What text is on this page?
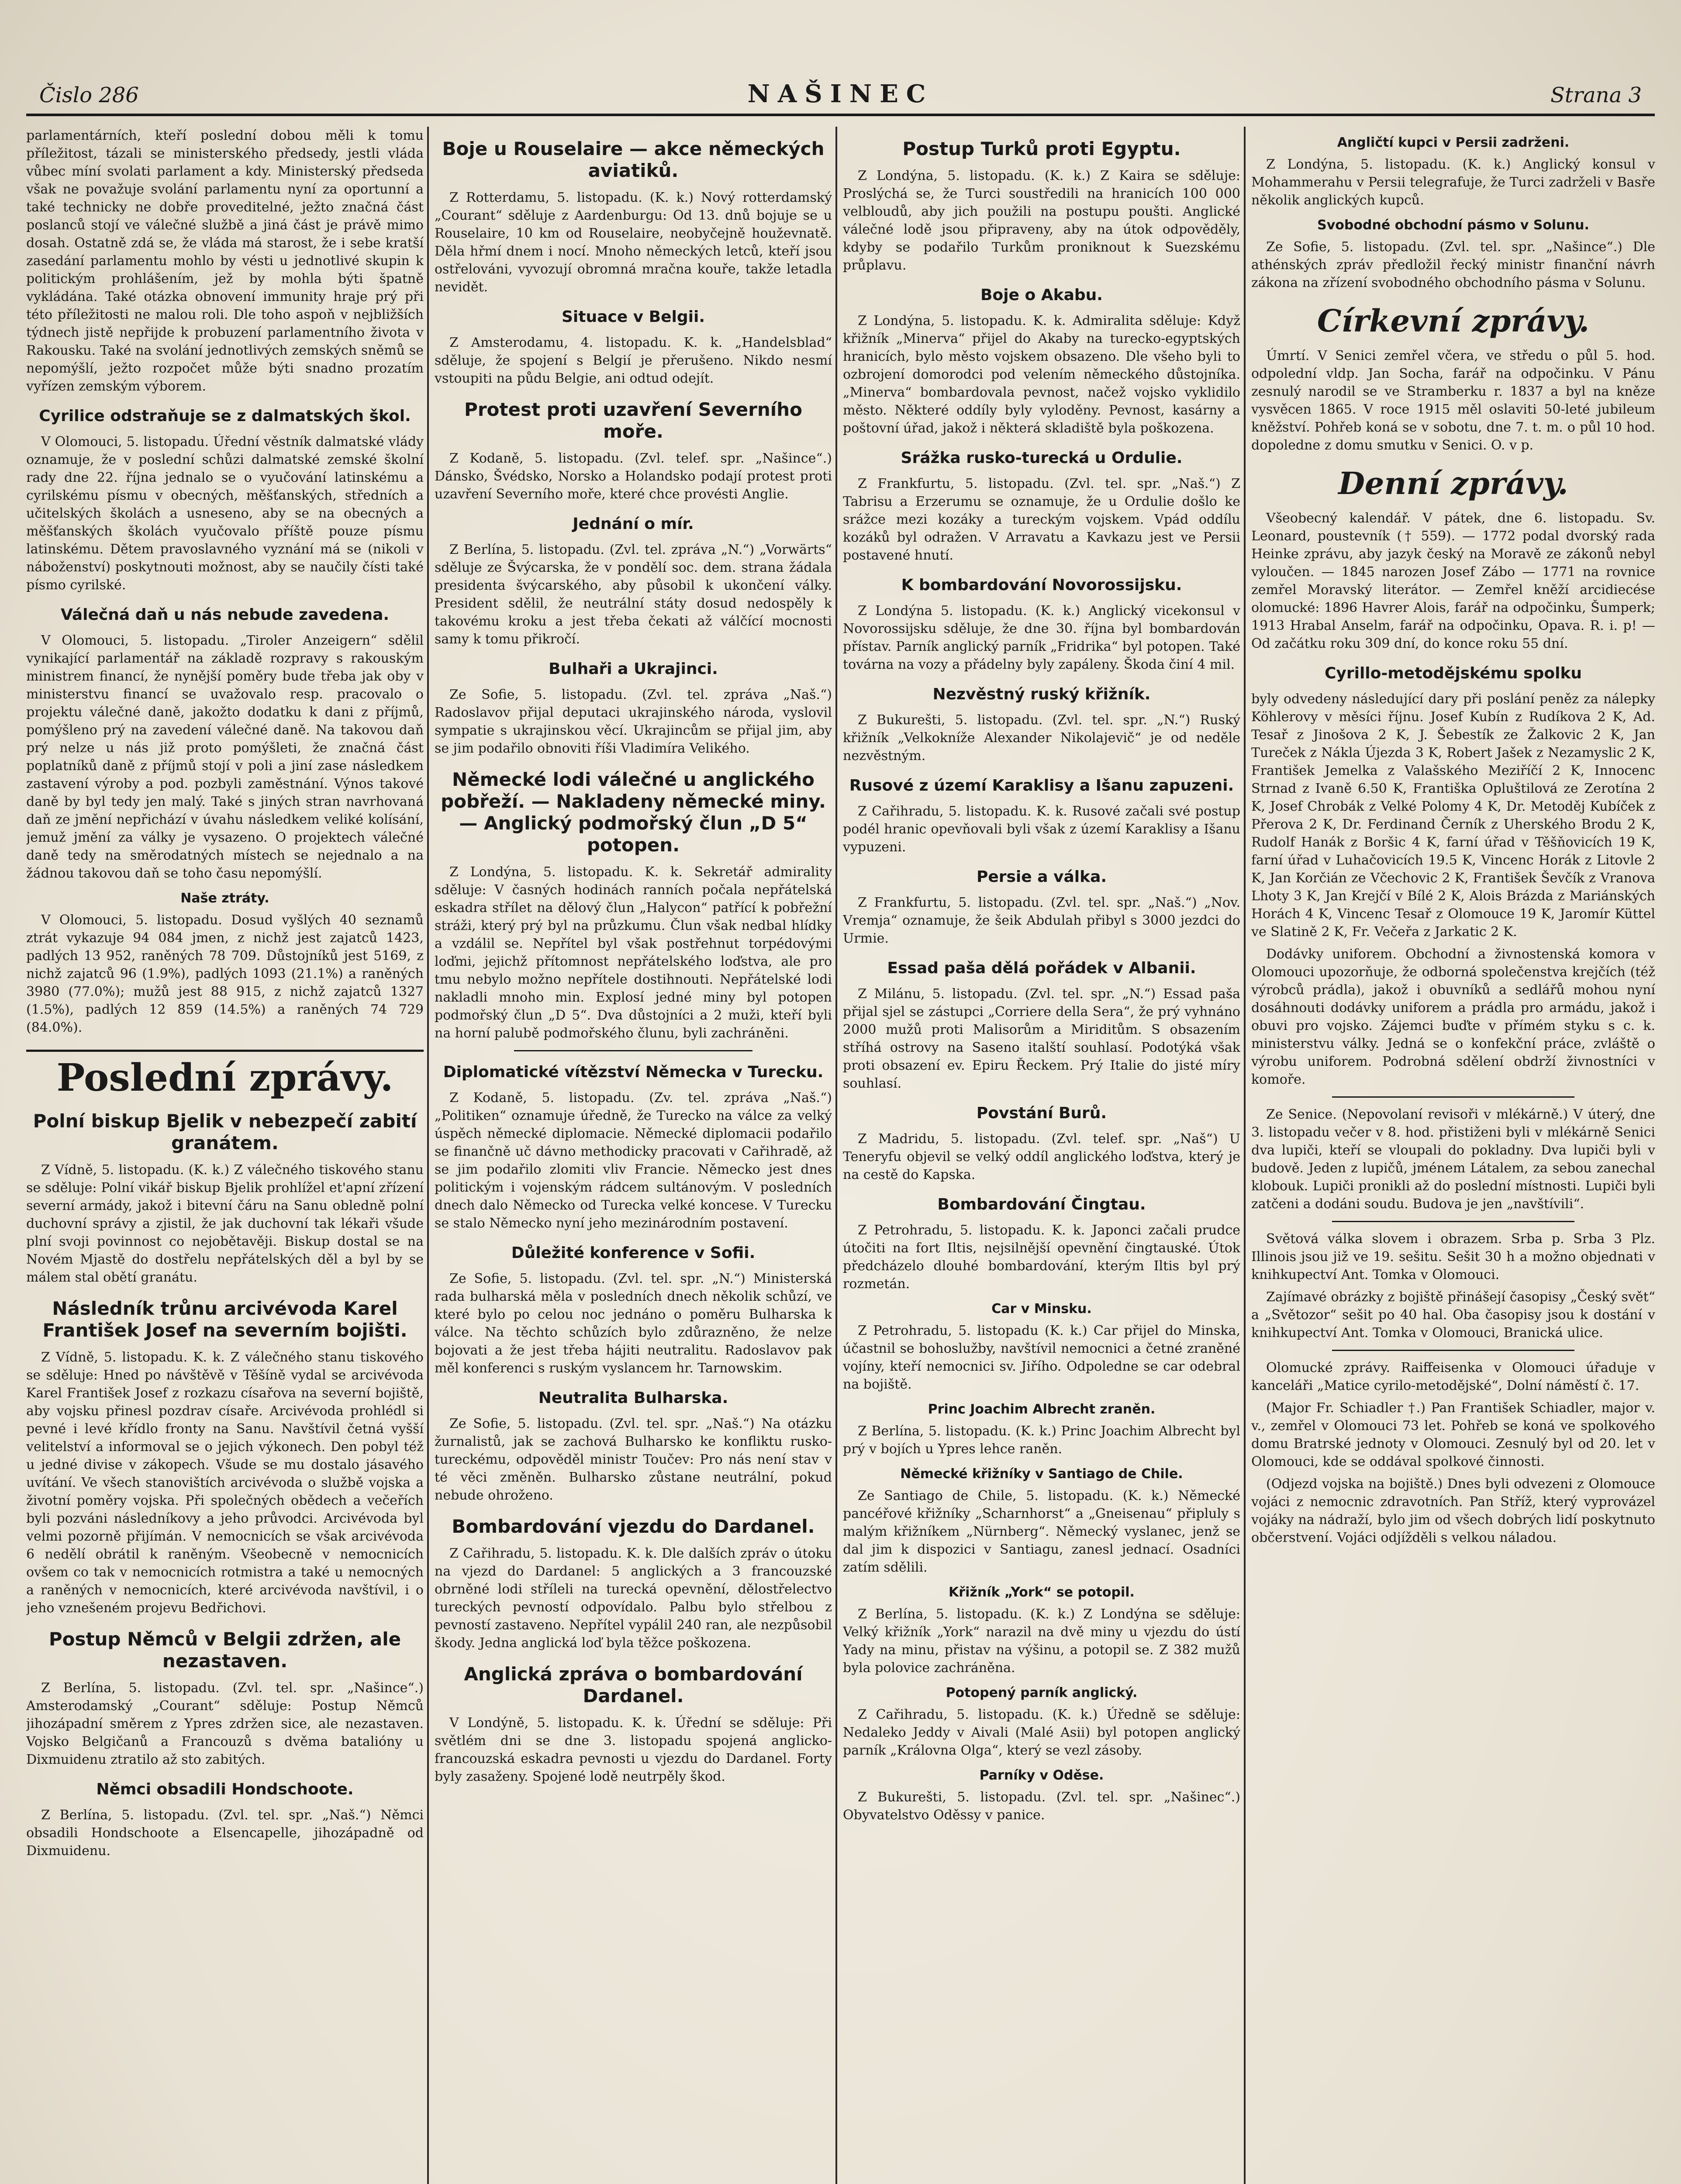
Čislo 286	NAŠINEC	Strana 3

parlamentárních, kteří poslední dobou měli k tomu příležitost, tázali se ministerského předsedy, jestli vláda vůbec míní svolati parlament a kdy. Ministerský předseda však ne považuje svolání parlamentu nyní za oportunní a také technicky ne dobře proveditelné, ježto značná část poslanců stojí ve válečné službě a jiná část je právě mimo dosah. Ostatně zdá se, že vláda má starost, že i sebe kratší zasedání parlamentu mohlo by vésti u jednotlivé skupin k politickým prohlášením, jež by mohla býti špatně vykládána. Také otázka obnovení immunity hraje prý při této příležitosti ne malou roli. Dle toho aspoň v nejbližších týdnech jistě nepřijde k probuzení parlamentního života v Rakousku. Také na svolání jednotlivých zemských sněmů se nepomýšlí, ježto rozpočet může býti snadno prozatím vyřízen zemským výborem.

Cyrilice odstraňuje se z dalmatských škol.

V Olomouci, 5. listopadu. Úřední věstník dalmatské vlády oznamuje, že v poslední schůzi dalmatské zemské školní rady dne 22. října jednalo se o vyučování latinskému a cyrilskému písmu v obecných, měšťanských, středních a učitelských školách a usneseno, aby se na obecných a měšťanských školách vyučovalo příště pouze písmu latinskému. Dětem pravoslavného vyznání má se (nikoli v náboženství) poskytnouti možnost, aby se naučily čísti také písmo cyrilské.

Válečná daň u nás nebude zavedena.

V Olomouci, 5. listopadu. „Tiroler Anzeigern“ sdělil vynikající parlamentář na základě rozpravy s rakouským ministrem financí, že nynější poměry bude třeba jak oby v ministerstvu financí se uvažovalo resp. pracovalo o projektu válečné daně, jakožto dodatku k dani z příjmů, pomýšleno prý na zavedení válečné daně. Na takovou daň prý nelze u nás již proto pomýšleti, že značná část poplatníků daně z příjmů stojí v poli a jiní zase následkem zastavení výroby a pod. pozbyli zaměstnání. Výnos takové daně by byl tedy jen malý. Také s jiných stran navrhovaná daň ze jmění nepřichází v úvahu následkem veliké kolísání, jemuž jmění za války je vysazeno. O projektech válečné daně tedy na směrodatných místech se nejednalo a na žádnou takovou daň se toho času nepomýšlí.

Naše ztráty.

V Olomouci, 5. listopadu. Dosud vyšlých 40 seznamů ztrát vykazuje 94 084 jmen, z nichž jest zajatců 1423, padlých 13 952, raněných 78 709. Důstojníků jest 5169, z nichž zajatců 96 (1.9%), padlých 1093 (21.1%) a raněných 3980 (77.0%); mužů jest 88 915, z nichž zajatců 1327 (1.5%), padlých 12 859 (14.5%) a raněných 74 729 (84.0%).

Poslední zprávy.
Polní biskup Bjelik v nebezpečí zabití granátem.

Z Vídně, 5. listopadu. (K. k.) Z válečného tiskového stanu se sděluje: Polní vikář biskup Bjelik prohlížel et'apní zřízení severní armády, jakož i bitevní čáru na Sanu obledně polní duchovní správy a zjistil, že jak duchovní tak lékaři všude plní svoji povinnost co nejobětavěji. Biskup dostal se na Novém Mjastě do dostřelu nepřátelských děl a byl by se málem stal obětí granátu.

Následník trůnu arcivévoda Karel František Josef na severním bojišti.

Z Vídně, 5. listopadu. K. k. Z válečného stanu tiskového se sděluje: Hned po návštěvě v Těšíně vydal se arcivévoda Karel František Josef z rozkazu císařova na severní bojiště, aby vojsku přinesl pozdrav císaře. Arcivévoda prohlédl si pevné i levé křídlo fronty na Sanu. Navštívil četná vyšší velitelství a informoval se o jejich výkonech. Den pobyl též u jedné divise v zákopech. Všude se mu dostalo jásavého uvítání. Ve všech stanovištích arcivévoda o službě vojska a životní poměry vojska. Při společných obědech a večeřích byli pozváni následníkovy a jeho průvodci. Arcivévoda byl velmi pozorně přijímán. V nemocnicích se však arcivévoda 6 nedělí obrátil k raněným. Všeobecně v nemocnicích ovšem co tak v nemocnicích rotmistra a také u nemocných a raněných v nemocnicích, které arcivévoda navštívil, i o jeho vznešeném projevu Bedřichovi.

Postup Němců v Belgii zdržen, ale nezastaven.

Z Berlína, 5. listopadu. (Zvl. tel. spr. „Našince“.) Amsterodamský „Courant“ sděluje: Postup Němců jihozápadní směrem z Ypres zdržen sice, ale nezastaven. Vojsko Belgičanů a Francouzů s dvěma batalióny u Dixmuidenu ztratilo až sto zabitých.

Němci obsadili Hondschoote.

Z Berlína, 5. listopadu. (Zvl. tel. spr. „Naš.“) Němci obsadili Hondschoote a Elsencapelle, jihozápadně od Dixmuidenu.

Boje u Rouselaire — akce německých aviatiků.

Z Rotterdamu, 5. listopadu. (K. k.) Nový rotterdamský „Courant“ sděluje z Aardenburgu: Od 13. dnů bojuje se u Rouselaire, 10 km od Rouselaire, neobyčejně houževnatě. Děla hřmí dnem i nocí. Mnoho německých letců, kteří jsou ostřelováni, vyvozují obromná mračna kouře, takže letadla nevidět.

Situace v Belgii.

Z Amsterodamu, 4. listopadu. K. k. „Handelsblad“ sděluje, že spojení s Belgií je přerušeno. Nikdo nesmí vstoupiti na půdu Belgie, ani odtud odejít.

Protest proti uzavření Severního moře.

Z Kodaně, 5. listopadu. (Zvl. telef. spr. „Našince“.) Dánsko, Švédsko, Norsko a Holandsko podají protest proti uzavření Severního moře, které chce provésti Anglie.

Jednání o mír.

Z Berlína, 5. listopadu. (Zvl. tel. zpráva „N.“) „Vorwärts“ sděluje ze Švýcarska, že v pondělí soc. dem. strana žádala presidenta švýcarského, aby působil k ukončení války. President sdělil, že neutrální státy dosud nedospěly k takovému kroku a jest třeba čekati až válčící mocnosti samy k tomu přikročí.

Bulhaři a Ukrajinci.

Ze Sofie, 5. listopadu. (Zvl. tel. zpráva „Naš.“) Radoslavov přijal deputaci ukrajinského národa, vyslovil sympatie s ukrajinskou věcí. Ukrajincům se přijal jim, aby se jim podařilo obnoviti říši Vladimíra Velikého.

Německé lodi válečné u anglického pobřeží. — Nakladeny německé miny. — Anglický podmořský člun „D 5“ potopen.

Z Londýna, 5. listopadu. K. k. Sekretář admirality sděluje: V časných hodinách ranních počala nepřátelská eskadra střílet na dělový člun „Halycon“ patřící k pobřežní stráži, který prý byl na průzkumu. Člun však nedbal hlídky a vzdálil se. Nepřítel byl však postřehnut torpédovými loďmi, jejichž přítomnost nepřátelského loďstva, ale pro tmu nebylo možno nepřítele dostihnouti. Nepřátelské lodi nakladli mnoho min. Explosí jedné miny byl potopen podmořský člun „D 5“. Dva důstojníci a 2 muži, kteří byli na horní palubě podmořského člunu, byli zachráněni.

Diplomatické vítězství Německa v Turecku.

Z Kodaně, 5. listopadu. (Zv. tel. zpráva „Naš.“) „Politiken“ oznamuje úředně, že Turecko na válce za velký úspěch německé diplomacie. Německé diplomacii podařilo se finančně uč dávno methodicky pracovati v Cařihradě, až se jim podařilo zlomiti vliv Francie. Německo jest dnes politickým i vojenským rádcem sultánovým. V posledních dnech dalo Německo od Turecka velké koncese. V Turecku se stalo Německo nyní jeho mezinárodním postavení.

Důležité konference v Sofii.

Ze Sofie, 5. listopadu. (Zvl. tel. spr. „N.“) Ministerská rada bulharská měla v posledních dnech několik schůzí, ve které bylo po celou noc jednáno o poměru Bulharska k válce. Na těchto schůzích bylo zdůrazněno, že nelze bojovati a že jest třeba hájiti neutralitu. Radoslavov pak měl konferenci s ruským vyslancem hr. Tarnowskim.

Neutralita Bulharska.

Ze Sofie, 5. listopadu. (Zvl. tel. spr. „Naš.“) Na otázku žurnalistů, jak se zachová Bulharsko ke konfliktu rusko-tureckému, odpověděl ministr Toučev: Pro nás není stav v té věci změněn. Bulharsko zůstane neutrální, pokud nebude ohroženo.

Bombardování vjezdu do Dardanel.

Z Cařihradu, 5. listopadu. K. k. Dle dalších zpráv o útoku na vjezd do Dardanel: 5 anglických a 3 francouzské obrněné lodi stříleli na turecká opevnění, dělostřelectvo tureckých pevností odpovídalo. Palbu bylo střelbou z pevností zastaveno. Nepřítel vypálil 240 ran, ale nezpůsobil škody. Jedna anglická loď byla těžce poškozena.

Anglická zpráva o bombardování Dardanel.

V Londýně, 5. listopadu. K. k. Úřední se sděluje: Při světlém dni se dne 3. listopadu spojená anglicko-francouzská eskadra pevnosti u vjezdu do Dardanel. Forty byly zasaženy. Spojené lodě neutrpěly škod.

Postup Turků proti Egyptu.

Z Londýna, 5. listopadu. (K. k.) Z Kaira se sděluje: Proslýchá se, že Turci soustředili na hranicích 100 000 velbloudů, aby jich použili na postupu poušti. Anglické válečné lodě jsou připraveny, aby na útok odpověděly, kdyby se podařilo Turkům proniknout k Suezskému průplavu.

Boje o Akabu.

Z Londýna, 5. listopadu. K. k. Admiralita sděluje: Když křižník „Minerva“ přijel do Akaby na turecko-egyptských hranicích, bylo město vojskem obsazeno. Dle všeho byli to ozbrojení domorodci pod velením německého důstojníka. „Minerva“ bombardovala pevnost, načež vojsko vyklidilo město. Některé oddíly byly vyloděny. Pevnost, kasárny a poštovní úřad, jakož i některá skladiště byla poškozena.

Srážka rusko-turecká u Ordulie.

Z Frankfurtu, 5. listopadu. (Zvl. tel. spr. „Naš.“) Z Tabrisu a Erzerumu se oznamuje, že u Ordulie došlo ke srážce mezi kozáky a tureckým vojskem. Vpád oddílu kozáků byl odražen. V Arravatu a Kavkazu jest ve Persii postavené hnutí.

K bombardování Novorossijsku.

Z Londýna 5. listopadu. (K. k.) Anglický vicekonsul v Novorossijsku sděluje, že dne 30. října byl bombardován přístav. Parník anglický parník „Fridrika“ byl potopen. Také továrna na vozy a přádelny byly zapáleny. Škoda činí 4 mil.

Nezvěstný ruský křižník.

Z Bukurešti, 5. listopadu. (Zvl. tel. spr. „N.“) Ruský křižník „Velkokníže Alexander Nikolajevič“ je od neděle nezvěstným.

Rusové z území Karaklisy a Išanu zapuzeni.

Z Cařihradu, 5. listopadu. K. k. Rusové začali své postup podél hranic opevňovali byli však z území Karaklisy a Išanu vypuzeni.

Persie a válka.

Z Frankfurtu, 5. listopadu. (Zvl. tel. spr. „Naš.“) „Nov. Vremja“ oznamuje, že šeik Abdulah přibyl s 3000 jezdci do Urmie.

Essad paša dělá pořádek v Albanii.

Z Milánu, 5. listopadu. (Zvl. tel. spr. „N.“) Essad paša přijal sjel se zástupci „Corriere della Sera“, že prý vyhnáno 2000 mužů proti Malisorům a Miriditům. S obsazením stříhá ostrovy na Saseno italští souhlasí. Podotýká však proti obsazení ev. Epiru Řeckem. Prý Italie do jisté míry souhlasí.

Povstání Burů.

Z Madridu, 5. listopadu. (Zvl. telef. spr. „Naš“) U Teneryfu objevil se velký oddíl anglického loďstva, který je na cestě do Kapska.

Bombardování Čingtau.

Z Petrohradu, 5. listopadu. K. k. Japonci začali prudce útočiti na fort Iltis, nejsilnější opevnění čingtauské. Útok předcházelo dlouhé bombardování, kterým Iltis byl prý rozmetán.

Car v Minsku.

Z Petrohradu, 5. listopadu (K. k.) Car přijel do Minska, účastnil se bohoslužby, navštívil nemocnici a četné zraněné vojíny, kteří nemocnici sv. Jiřího. Odpoledne se car odebral na bojiště.

Princ Joachim Albrecht zraněn.

Z Berlína, 5. listopadu. (K. k.) Princ Joachim Albrecht byl prý v bojích u Ypres lehce raněn.

Německé křižníky v Santiago de Chile.

Ze Santiago de Chile, 5. listopadu. (K. k.) Německé pancéřové křižníky „Scharnhorst“ a „Gneisenau“ připluly s malým křižníkem „Nürnberg“. Německý vyslanec, jenž se dal jim k dispozici v Santiagu, zanesl jednací. Osadníci zatím sdělili.

Křižník „York“ se potopil.

Z Berlína, 5. listopadu. (K. k.) Z Londýna se sděluje: Velký křižník „York“ narazil na dvě miny u vjezdu do ústí Yady na minu, přistav na výšinu, a potopil se. Z 382 mužů byla polovice zachráněna.

Potopený parník anglický.

Z Cařihradu, 5. listopadu. (K. k.) Úředně se sděluje: Nedaleko Jeddy v Aivali (Malé Asii) byl potopen anglický parník „Královna Olga“, který se vezl zásoby.

Parníky v Oděse.

Z Bukurešti, 5. listopadu. (Zvl. tel. spr. „Našinec“.) Obyvatelstvo Oděssy v panice.

Angličtí kupci v Persii zadrženi.

Z Londýna, 5. listopadu. (K. k.) Anglický konsul v Mohammerahu v Persii telegrafuje, že Turci zadrželi v Basře několik anglických kupců.

Svobodné obchodní pásmo v Solunu.

Ze Sofie, 5. listopadu. (Zvl. tel. spr. „Našince“.) Dle athénských zpráv předložil řecký ministr finanční návrh zákona na zřízení svobodného obchodního pásma v Solunu.

Církevní zprávy.

Úmrtí. V Senici zemřel včera, ve středu o půl 5. hod. odpolední vldp. Jan Socha, farář na odpočinku. V Pánu zesnulý narodil se ve Stramberku r. 1837 a byl na kněze vysvěcen 1865. V roce 1915 měl oslaviti 50-leté jubileum kněžství. Pohřeb koná se v sobotu, dne 7. t. m. o půl 10 hod. dopoledne z domu smutku v Senici. O. v p.

Denní zprávy.

Všeobecný kalendář. V pátek, dne 6. listopadu. Sv. Leonard, poustevník († 559). — 1772 podal dvorský rada Heinke zprávu, aby jazyk český na Moravě ze zákonů nebyl vyloučen. — 1845 narozen Josef Zábo — 1771 na rovnice zemřel Moravský literátor. — Zemřel kněží arcidiecése olomucké: 1896 Havrer Alois, farář na odpočinku, Šumperk; 1913 Hrabal Anselm, farář na odpočinku, Opava. R. i. p! — Od začátku roku 309 dní, do konce roku 55 dní.

Cyrillo-metodějskému spolku

byly odvedeny následující dary při poslání peněz za nálepky Köhlerovy v měsíci říjnu. Josef Kubín z Rudíkova 2 K, Ad. Tesař z Jinošova 2 K, J. Šebestík ze Žalkovic 2 K, Jan Tureček z Nákla Újezda 3 K, Robert Jašek z Nezamyslic 2 K, František Jemelka z Valašského Meziříčí 2 K, Innocenc Strnad z Ivaně 6.50 K, Františka Opluštilová ze Zerotína 2 K, Josef Chrobák z Velké Polomy 4 K, Dr. Metoděj Kubíček z Přerova 2 K, Dr. Ferdinand Černík z Uherského Brodu 2 K, Rudolf Hanák z Boršic 4 K, farní úřad v Těšňovicích 19 K, farní úřad v Luhačovicích 19.5 K, Vincenc Horák z Litovle 2 K, Jan Korčián ze Včechovic 2 K, František Ševčík z Vranova Lhoty 3 K, Jan Krejčí v Bílé 2 K, Alois Brázda z Mariánských Horách 4 K, Vincenc Tesař z Olomouce 19 K, Jaromír Küttel ve Slatině 2 K, Fr. Večeřa z Jarkatic 2 K.

Dodávky uniforem. Obchodní a živnostenská komora v Olomouci upozorňuje, že odborná společenstva krejčích (též výrobců prádla), jakož i obuvníků a sedlářů mohou nyní dosáhnouti dodávky uniforem a prádla pro armádu, jakož i obuvi pro vojsko. Zájemci buďte v přímém styku s c. k. ministerstvu války. Jedná se o konfekční práce, zvláště o výrobu uniforem. Podrobná sdělení obdrží živnostníci v komoře.

Ze Senice. (Nepovolaní revisoři v mlékárně.) V úterý, dne 3. listopadu večer v 8. hod. přistiženi byli v mlékárně Senici dva lupiči, kteří se vloupali do pokladny. Dva lupiči byli v budově. Jeden z lupičů, jménem Látalem, za sebou zanechal klobouk. Lupiči pronikli až do poslední místnosti. Lupiči byli zatčeni a dodáni soudu. Budova je jen „navštívili“.

Světová válka slovem i obrazem. Srba p. Srba 3 Plz. Illinois jsou již ve 19. sešitu. Sešit 30 h a možno objednati v knihkupectví Ant. Tomka v Olomouci.

Zajímavé obrázky z bojiště přinášejí časopisy „Český svět“ a „Světozor“ sešit po 40 hal. Oba časopisy jsou k dostání v knihkupectví Ant. Tomka v Olomouci, Branická ulice.

Olomucké zprávy. Raiffeisenka v Olomouci úřaduje v kanceláři „Matice cyrilo-metodějské“, Dolní náměstí č. 17.

(Major Fr. Schiadler †.) Pan František Schiadler, major v. v., zemřel v Olomouci 73 let. Pohřeb se koná ve spolkového domu Bratrské jednoty v Olomouci. Zesnulý byl od 20. let v Olomouci, kde se oddával spolkové činnosti.

(Odjezd vojska na bojiště.) Dnes byli odvezeni z Olomouce vojáci z nemocnic zdravotních. Pan Stříž, který vyprovázel vojáky na nádraží, bylo jim od všech dobrých lidí poskytnuto občerstvení. Vojáci odjížděli s velkou náladou.
